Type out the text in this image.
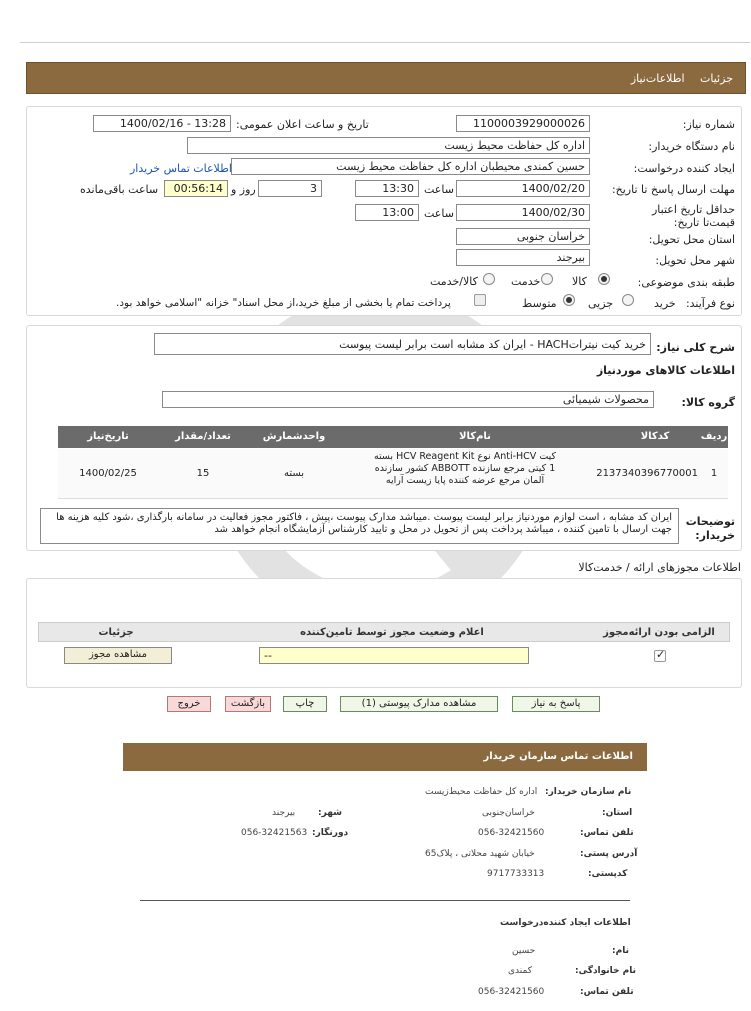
جزئیات اطلاعات‌نیاز
شماره نیاز:
1100003929000026
تاریخ و ساعت اعلان عمومی:
1400/02/16 - 13:28
نام دستگاه خریدار:
اداره کل حفاظت محیط زیست
ایجاد کننده درخواست:
حسین کمندی محیطبان اداره کل حفاظت محیط زیست
اطلاعات تماس خریدار
مهلت ارسال پاسخ تا تاریخ:
1400/02/20
ساعت
13:30
3
روز و
00:56:14
ساعت باقی‌مانده
حداقل تاریخ اعتبار قیمت‌تا تاریخ:
1400/02/30
ساعت
13:00
استان محل تحویل:
خراسان جنوبی
شهر محل تحویل:
بیرجند
طبقه بندی موضوعی:
کالا
خدمت
کالا/خدمت
نوع فرآیند:
خرید
جزیی
متوسط
پرداخت تمام یا بخشی از مبلغ خرید،از محل اسناد" خزانه "اسلامی خواهد بود.
شرح کلی نیاز:
خرید کیت نیتراتHACH - ایران کد مشابه است برابر لیست پیوست
اطلاعات کالاهای موردنیاز
گروه کالا:
محصولات شیمیائی
ردیف
کدکالا
نام‌کالا
واحدشمارش
تعداد/مقدار
تاریخ‌نیاز
1
2137340396770001
کیت Anti-HCV نوع HCV Reagent Kit بسته 1 کیتی مرجع سازنده ABBOTT کشور سازنده آلمان مرجع عرضه کننده پایا زیست آرایه
بسته
15
1400/02/25
توضیحات خریدار:
ایران کد مشابه ، است لوازم موردنیاز برابر لیست پیوست .میباشد مدارک پیوست ،پیش ، فاکتور مجوز فعالیت در سامانه بارگذاری ،شود کلیه هزینه ها جهت ارسال با تامین کننده ، میباشد پرداخت پس از تحویل در محل و تایید کارشناس آزمایشگاه انجام خواهد شد
اطلاعات مجوزهای ارائه / خدمت‌کالا
الزامی بودن ارائه‌مجوز
اعلام وضعیت مجوز توسط تامین‌کننده
جزئیات
✓
--
مشاهده مجوز
پاسخ به نیاز
مشاهده مدارک پیوستی (1)
چاپ
بازگشت
خروج
اطلاعات تماس سازمان خریدار
نام سازمان خریدار:
اداره کل حفاظت محیط‌زیست
استان:
خراسان‌جنوبی
شهر:
بیرجند
تلفن تماس:
056-32421560
دورنگار:
056-32421563
آدرس پستی:
خیابان شهید محلاتی ، پلاک65
کد‌پستی:
9717733313
اطلاعات ایجاد کننده‌درخواست
نام:
حسین
نام خانوادگی:
کمندی
تلفن تماس:
056-32421560
